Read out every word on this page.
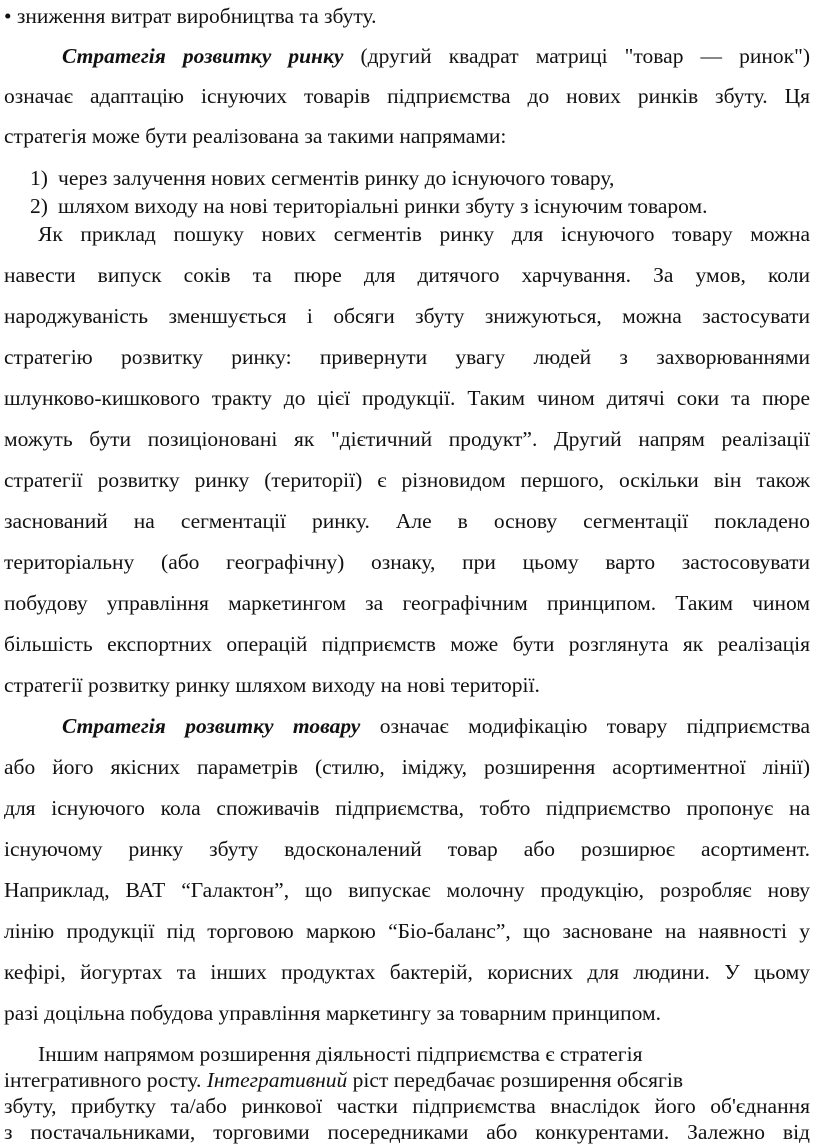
• зниження витрат виробництва та збуту.
Стратегія розвитку ринку (другий квадрат матриці "товар — ринок")
означає адаптацію існуючих товарів підприємства до нових ринків збуту. Ця
стратегія може бути реалізована за такими напрямами:
1) через залучення нових сегментів ринку до існуючого товару,
2) шляхом виходу на нові територіальні ринки збуту з існуючим товаром.
Як приклад пошуку нових сегментів ринку для існуючого товару можна
навести випуск соків та пюре для дитячого харчування. За умов, коли
народжуваність зменшується і обсяги збуту знижуються, можна застосувати
стратегію розвитку ринку: привернути увагу людей з захворюваннями
шлунково-кишкового тракту до цієї продукції. Таким чином дитячі соки та пюре
можуть бути позиціоновані як "дієтичний продукт”. Другий напрям реалізації
стратегії розвитку ринку (території) є різновидом першого, оскільки він також
заснований на сегментації ринку. Але в основу сегментації покладено
територіальну (або географічну) ознаку, при цьому варто застосовувати
побудову управління маркетингом за географічним принципом. Таким чином
більшість експортних операцій підприємств може бути розглянута як реалізація
стратегії розвитку ринку шляхом виходу на нові території.
Стратегія розвитку товару означає модифікацію товару підприємства
або його якісних параметрів (стилю, іміджу, розширення асортиментної лінії)
для існуючого кола споживачів підприємства, тобто підприємство пропонує на
існуючому ринку збуту вдосконалений товар або розширює асортимент.
Наприклад, ВАТ “Галактон”, що випускає молочну продукцію, розробляє нову
лінію продукції під торговою маркою “Біо-баланс”, що засноване на наявності у
кефірі, йогуртах та інших продуктах бактерій, корисних для людини. У цьому
разі доцільна побудова управління маркетингу за товарним принципом.
Іншим напрямом розширення діяльності підприємства є стратегія
інтегративного росту. Інтегративний ріст передбачає розширення обсягів
збуту, прибутку та/або ринкової частки підприємства внаслідок його об'єднання
з постачальниками, торговими посередниками або конкурентами. Залежно від
